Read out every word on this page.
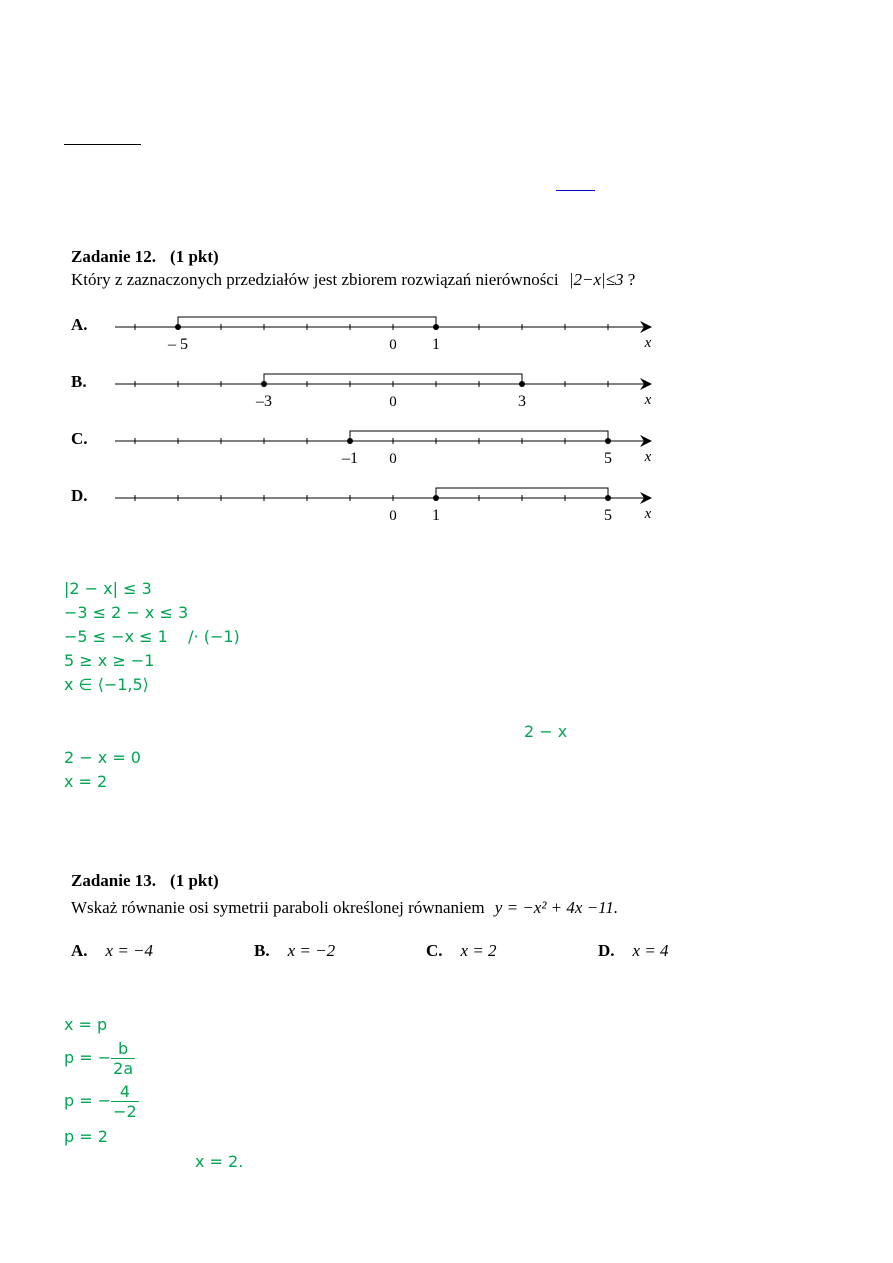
Zadanie 12. (1 pkt)
Który z zaznaczonych przedziałów jest zbiorem rozwiązań nierówności |2−x|≤3 ?
A.
B.
C.
D.
– 5	0 1	x
–3	0	3	x
–1 0	5 x
0 1	5 x
|2 − x| ≤ 3
−3 ≤ 2 − x ≤ 3
−5 ≤ −x ≤ 1    /· (−1)
5 ≥ x ≥ −1
x ∈ ⟨−1,5⟩
2 − x
2 − x = 0
x = 2
Zadanie 13. (1 pkt)
Wskaż równanie osi symetrii paraboli określonej równaniem y = −x² + 4x −11.
A. x = −4	B. x = −2	C. x = 2	D. x = 4
x = p
p = − $\frac{b}{2a}$
p = − $\frac{4}{-2}$
p = 2
x = 2.
